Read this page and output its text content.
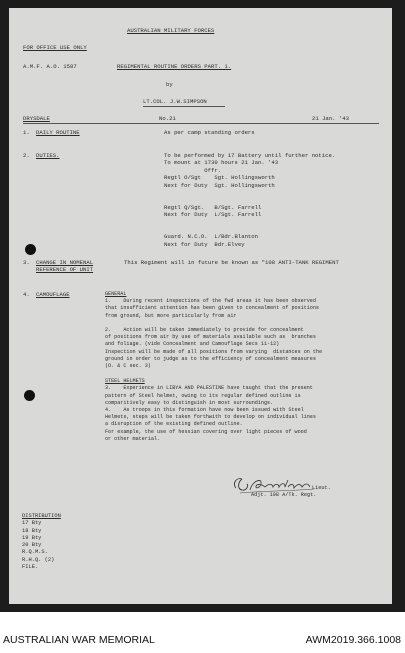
AUSTRALIAN MILITARY FORCES
FOR OFFICE USE ONLY
A.M.F. A.O. 1587	REGIMENTAL ROUTINE ORDERS PART. 1.
by
LT.COL. J.W.SIMPSON
DRYSDALE	No.21	21 Jan. '43
1. DAILY ROUTINE	As per camp standing orders
2. DUTIES.	To be performed by 17 Battery until further notice.
To mount at 1730 hours 21 Jan. '43
Offr.
Regtl O/Sgt    Sgt. Hollingsworth
Next for Duty  Sgt. Hollingsworth
Regtl Q/Sgt.   B/Sgt. Farrell
Next for Duty  L/Sgt. Farrell
Guard. N.C.O.  L/Bdr.Blanton
Next for Duty  Bdr.Elvey
3. CHANGE IN NOMENAL
REFERENCE OF UNIT
This Regiment will in future be known as "108 ANTI-TANK REGIMENT
4. CAMOUFLAGE	GENERAL
1.    During recent inspections of the fwd areas it has been observed
that insufficient attention has been given to concealment of positions
from ground, but more particularly from air
2.    Action will be taken immediately to provide for concealment
of positions from air by use of materials available such as  branches
and foliage. (vide Concealment and Camouflage Secs 11-12)
Inspection will be made of all positions from varying  distances on the
ground in order to judge as to the efficiency of concealment measures
(O. & C sec. 3)
STEEL HELMETS
3.    Experience in LIBYA AND PALESTINE have taught that the present
pattern of Steel helmet, owing to its regular defined outline is
comparitively easy to distinguish in most surroundings.
4.    As troops in this formation have now been issued with Steel
Helmets, steps will be taken forthwith to develop on individual lines
a disruption of the existing defined outline.
For example, the use of hessian covering over light pieces of wood
or other material.
Lieut.
Adjt. 108 A/Tk. Regt.
DISTRIBUTION
17 Bty
18 Bty
19 Bty
20 Bty
R.Q.M.S.
R.H.Q. (2)
FILE.
AUSTRALIAN WAR MEMORIAL	AWM2019.366.1008
